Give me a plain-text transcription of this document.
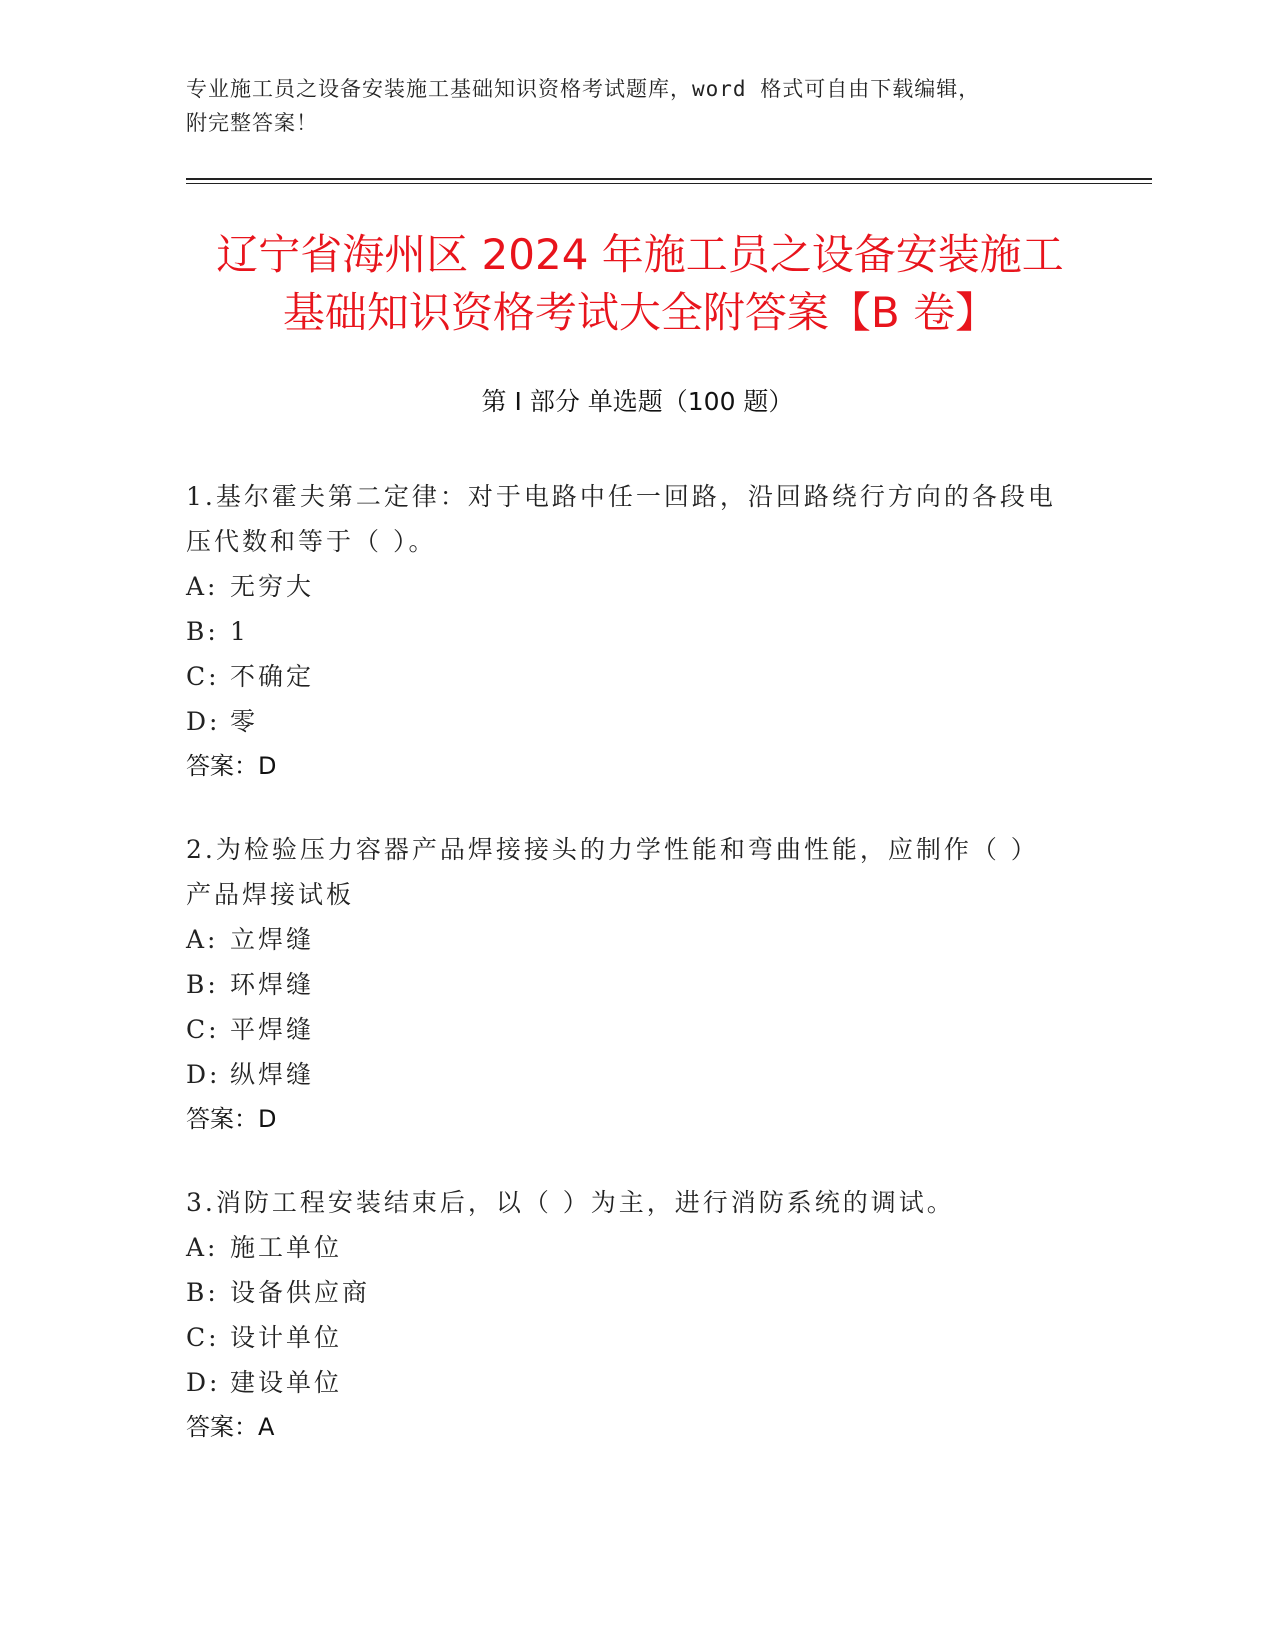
专业施工员之设备安装施工基础知识资格考试题库，word 格式可自由下载编辑，
附完整答案！
辽宁省海州区 2024 年施工员之设备安装施工
基础知识资格考试大全附答案【B 卷】
第 I 部分 单选题（100 题）
1.基尔霍夫第二定律：对于电路中任一回路，沿回路绕行方向的各段电压代数和等于（ ）。
A: 无穷大
B: 1
C: 不确定
D: 零
答案：D
2.为检验压力容器产品焊接接头的力学性能和弯曲性能，应制作（ ）产品焊接试板
A: 立焊缝
B: 环焊缝
C: 平焊缝
D: 纵焊缝
答案：D
3.消防工程安装结束后，以（ ）为主，进行消防系统的调试。
A: 施工单位
B: 设备供应商
C: 设计单位
D: 建设单位
答案：A
